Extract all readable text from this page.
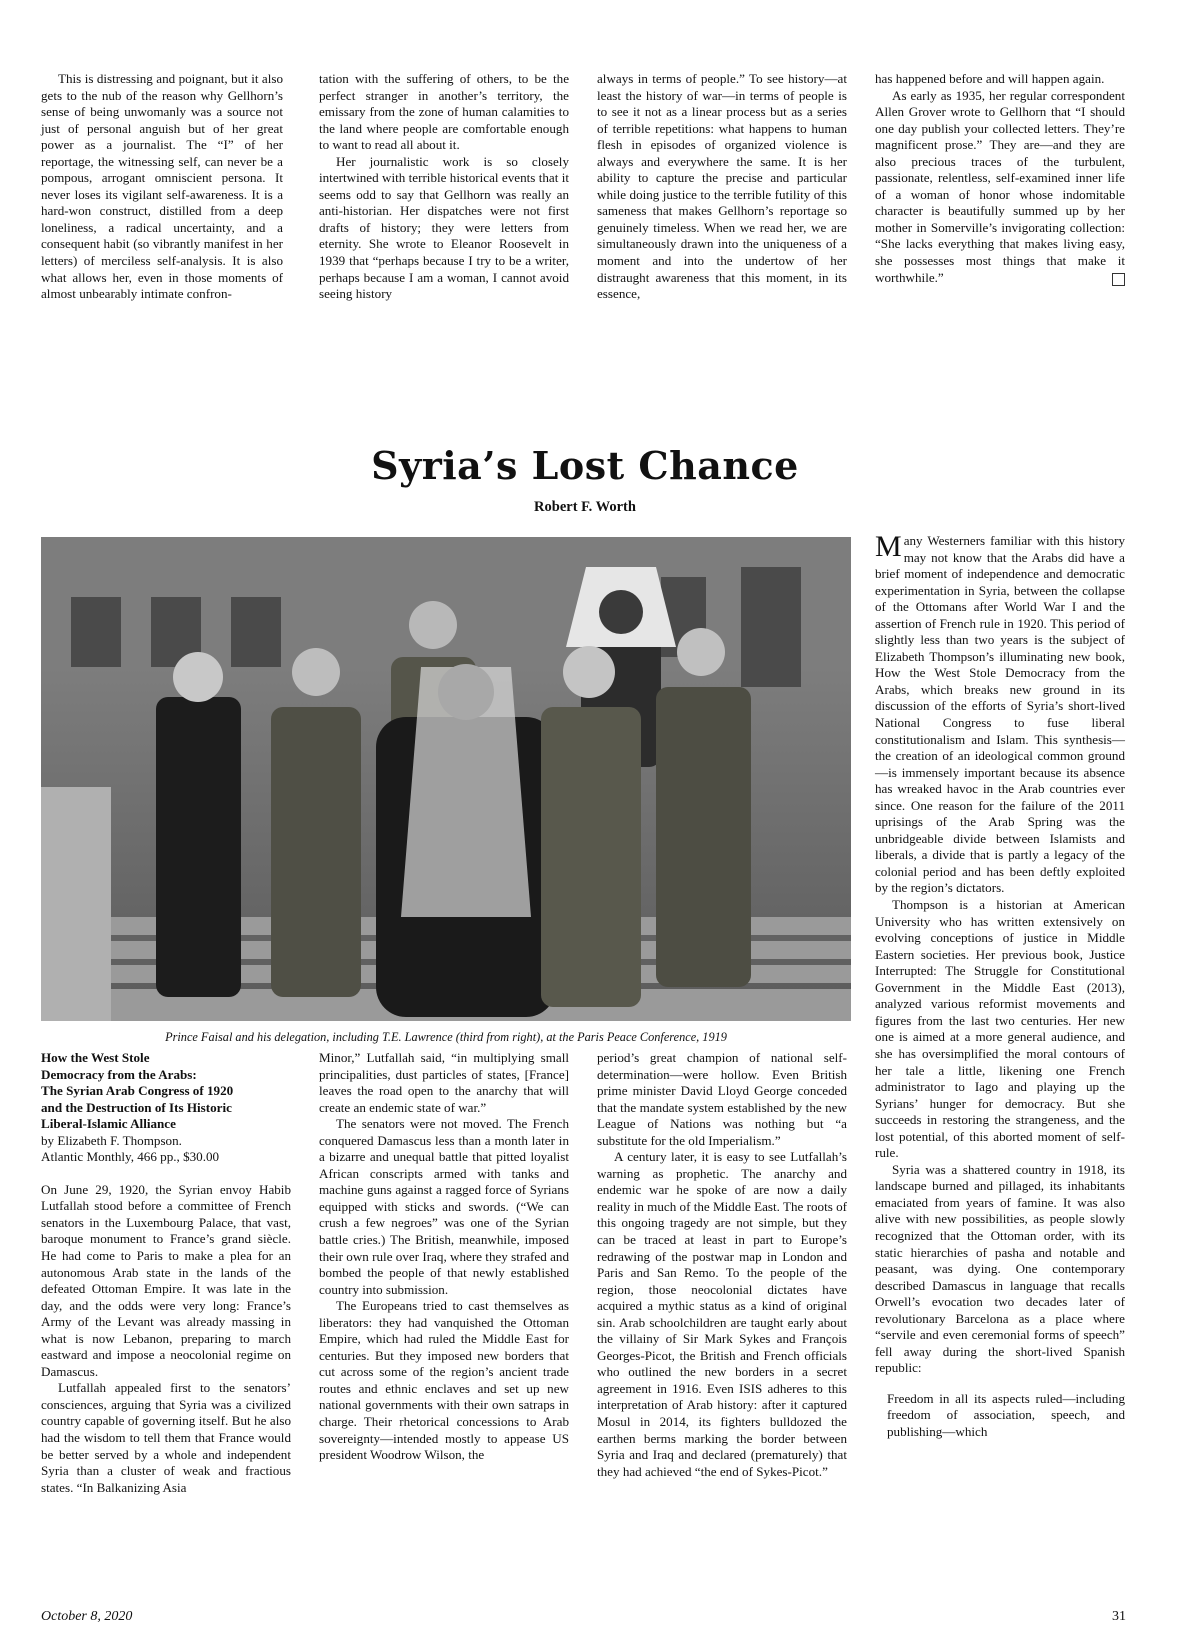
This is distressing and poignant, but it also gets to the nub of the reason why Gellhorn’s sense of being unwomanly was a source not just of personal anguish but of her great power as a journalist. The “I” of her reportage, the witnessing self, can never be a pompous, arrogant omniscient persona. It never loses its vigilant self-awareness. It is a hard-won construct, distilled from a deep loneliness, a radical uncertainty, and a consequent habit (so vibrantly manifest in her letters) of merciless self-analysis. It is also what allows her, even in those moments of almost unbearably intimate confron-

tation with the suffering of others, to be the perfect stranger in another’s territory, the emissary from the zone of human calamities to the land where people are comfortable enough to want to read all about it.

Her journalistic work is so closely intertwined with terrible historical events that it seems odd to say that Gellhorn was really an anti-historian. Her dispatches were not first drafts of history; they were letters from eternity. She wrote to Eleanor Roosevelt in 1939 that “perhaps because I try to be a writer, perhaps because I am a woman, I cannot avoid seeing history

always in terms of people.” To see history—at least the history of war—in terms of people is to see it not as a linear process but as a series of terrible repetitions: what happens to human flesh in episodes of organized violence is always and everywhere the same. It is her ability to capture the precise and particular while doing justice to the terrible futility of this sameness that makes Gellhorn’s reportage so genuinely timeless. When we read her, we are simultaneously drawn into the uniqueness of a moment and into the undertow of her distraught awareness that this moment, in its essence,

has happened before and will happen again.

As early as 1935, her regular correspondent Allen Grover wrote to Gellhorn that “I should one day publish your collected letters. They’re magnificent prose.” They are—and they are also precious traces of the turbulent, passionate, relentless, self-examined inner life of a woman of honor whose indomitable character is beautifully summed up by her mother in Somerville’s invigorating collection: “She lacks everything that makes living easy, she possesses most things that make it worthwhile.”

Syria’s Lost Chance

Robert F. Worth

Prince Faisal and his delegation, including T.E. Lawrence (third from right), at the Paris Peace Conference, 1919

How the West Stole
Democracy from the Arabs:
The Syrian Arab Congress of 1920
and the Destruction of Its Historic
Liberal-Islamic Alliance
by Elizabeth F. Thompson.
Atlantic Monthly, 466 pp., $30.00

On June 29, 1920, the Syrian envoy Habib Lutfallah stood before a committee of French senators in the Luxembourg Palace, that vast, baroque monument to France’s grand siècle. He had come to Paris to make a plea for an autonomous Arab state in the lands of the defeated Ottoman Empire. It was late in the day, and the odds were very long: France’s Army of the Levant was already massing in what is now Lebanon, preparing to march eastward and impose a neocolonial regime on Damascus.

Lutfallah appealed first to the senators’ consciences, arguing that Syria was a civilized country capable of governing itself. But he also had the wisdom to tell them that France would be better served by a whole and independent Syria than a cluster of weak and fractious states. “In Balkanizing Asia

Minor,” Lutfallah said, “in multiplying small principalities, dust particles of states, [France] leaves the road open to the anarchy that will create an endemic state of war.”

The senators were not moved. The French conquered Damascus less than a month later in a bizarre and unequal battle that pitted loyalist African conscripts armed with tanks and machine guns against a ragged force of Syrians equipped with sticks and swords. (“We can crush a few negroes” was one of the Syrian battle cries.) The British, meanwhile, imposed their own rule over Iraq, where they strafed and bombed the people of that newly established country into submission.

The Europeans tried to cast themselves as liberators: they had vanquished the Ottoman Empire, which had ruled the Middle East for centuries. But they imposed new borders that cut across some of the region’s ancient trade routes and ethnic enclaves and set up new national governments with their own satraps in charge. Their rhetorical concessions to Arab sovereignty—intended mostly to appease US president Woodrow Wilson, the

period’s great champion of national self-determination—were hollow. Even British prime minister David Lloyd George conceded that the mandate system established by the new League of Nations was nothing but “a substitute for the old Imperialism.”

A century later, it is easy to see Lutfallah’s warning as prophetic. The anarchy and endemic war he spoke of are now a daily reality in much of the Middle East. The roots of this ongoing tragedy are not simple, but they can be traced at least in part to Europe’s redrawing of the postwar map in London and Paris and San Remo. To the people of the region, those neocolonial dictates have acquired a mythic status as a kind of original sin. Arab schoolchildren are taught early about the villainy of Sir Mark Sykes and François Georges-Picot, the British and French officials who outlined the new borders in a secret agreement in 1916. Even ISIS adheres to this interpretation of Arab history: after it captured Mosul in 2014, its fighters bulldozed the earthen berms marking the border between Syria and Iraq and declared (prematurely) that they had achieved “the end of Sykes-Picot.”

Many Westerners familiar with this history may not know that the Arabs did have a brief moment of independence and democratic experimentation in Syria, between the collapse of the Ottomans after World War I and the assertion of French rule in 1920. This period of slightly less than two years is the subject of Elizabeth Thompson’s illuminating new book, How the West Stole Democracy from the Arabs, which breaks new ground in its discussion of the efforts of Syria’s short-lived National Congress to fuse liberal constitutionalism and Islam. This synthesis—the creation of an ideological common ground—is immensely important because its absence has wreaked havoc in the Arab countries ever since. One reason for the failure of the 2011 uprisings of the Arab Spring was the unbridgeable divide between Islamists and liberals, a divide that is partly a legacy of the colonial period and has been deftly exploited by the region’s dictators.

Thompson is a historian at American University who has written extensively on evolving conceptions of justice in Middle Eastern societies. Her previous book, Justice Interrupted: The Struggle for Constitutional Government in the Middle East (2013), analyzed various reformist movements and figures from the last two centuries. Her new one is aimed at a more general audience, and she has oversimplified the moral contours of her tale a little, likening one French administrator to Iago and playing up the Syrians’ hunger for democracy. But she succeeds in restoring the strangeness, and the lost potential, of this aborted moment of self-rule.

Syria was a shattered country in 1918, its landscape burned and pillaged, its inhabitants emaciated from years of famine. It was also alive with new possibilities, as people slowly recognized that the Ottoman order, with its static hierarchies of pasha and notable and peasant, was dying. One contemporary described Damascus in language that recalls Orwell’s evocation two decades later of revolutionary Barcelona as a place where “servile and even ceremonial forms of speech” fell away during the short-lived Spanish republic:

Freedom in all its aspects ruled—including freedom of association, speech, and publishing—which

October 8, 2020	31
